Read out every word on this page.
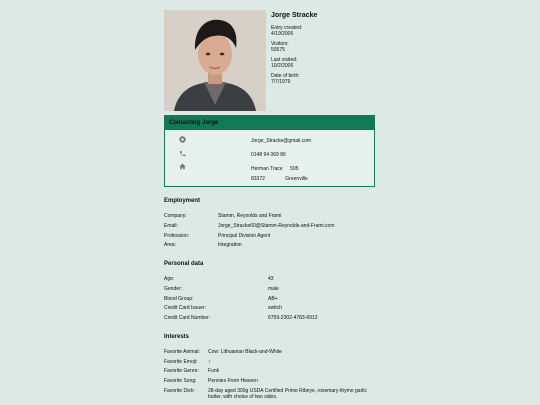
Jorge Stracke
Entry created:
4/19/2006
Visitors:
50575
Last visited:
10/2/2006
Date of birth:
7/7/1979
Contacting Jorge
Jorge_Stracke@gmail.com
0148 94 069 86
Herman Trace 505
83372	Greenville
Employment
Company:	Stamm, Reynolds and Frami
Email:	Jorge_Stracke60@Stamm-Reynolds-and-Frami.com
Profession:	Principal Division Agent
Area:	Integration
Personal data
Age:	43
Gender:	male
Blood Group:	AB+
Credit Card Issuer:	switch
Credit Card Number:	6759-2302-4783-6912
Interests
Favorite Animal: Cow: Lithuanian Black-and-White
Favorite Emoji: ↕
Favorite Genre: Funk
Favorite Song: Pennies From Heaven
Favorite Dish:	28-day aged 300g USDA Certified Prime Ribeye, rosemary-thyme garlic butter, with choice of two sides.
